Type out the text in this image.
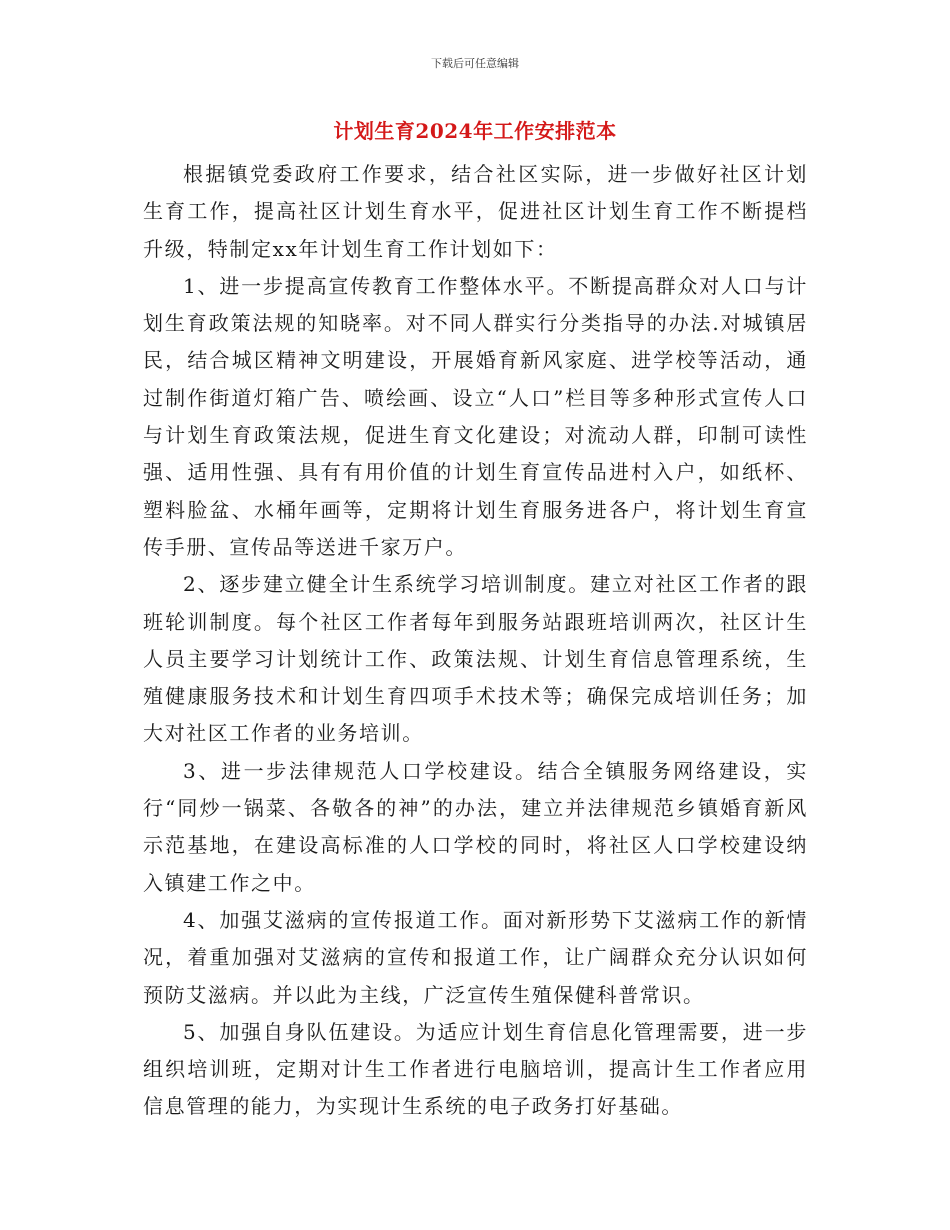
下载后可任意编辑
计划生育2024年工作安排范本

根据镇党委政府工作要求，结合社区实际，进一步做好社区计划生育工作，提高社区计划生育水平，促进社区计划生育工作不断提档升级，特制定xx年计划生育工作计划如下：

1、进一步提高宣传教育工作整体水平。不断提高群众对人口与计划生育政策法规的知晓率。对不同人群实行分类指导的办法.对城镇居民，结合城区精神文明建设，开展婚育新风家庭、进学校等活动，通过制作街道灯箱广告、喷绘画、设立“人口”栏目等多种形式宣传人口与计划生育政策法规，促进生育文化建设；对流动人群，印制可读性强、适用性强、具有有用价值的计划生育宣传品进村入户，如纸杯、塑料脸盆、水桶年画等，定期将计划生育服务进各户，将计划生育宣传手册、宣传品等送进千家万户。

2、逐步建立健全计生系统学习培训制度。建立对社区工作者的跟班轮训制度。每个社区工作者每年到服务站跟班培训两次，社区计生人员主要学习计划统计工作、政策法规、计划生育信息管理系统，生殖健康服务技术和计划生育四项手术技术等；确保完成培训任务；加大对社区工作者的业务培训。

3、进一步法律规范人口学校建设。结合全镇服务网络建设，实行“同炒一锅菜、各敬各的神”的办法，建立并法律规范乡镇婚育新风示范基地，在建设高标准的人口学校的同时，将社区人口学校建设纳入镇建工作之中。

4、加强艾滋病的宣传报道工作。面对新形势下艾滋病工作的新情况，着重加强对艾滋病的宣传和报道工作，让广阔群众充分认识如何预防艾滋病。并以此为主线，广泛宣传生殖保健科普常识。

5、加强自身队伍建设。为适应计划生育信息化管理需要，进一步组织培训班，定期对计生工作者进行电脑培训，提高计生工作者应用信息管理的能力，为实现计生系统的电子政务打好基础。
